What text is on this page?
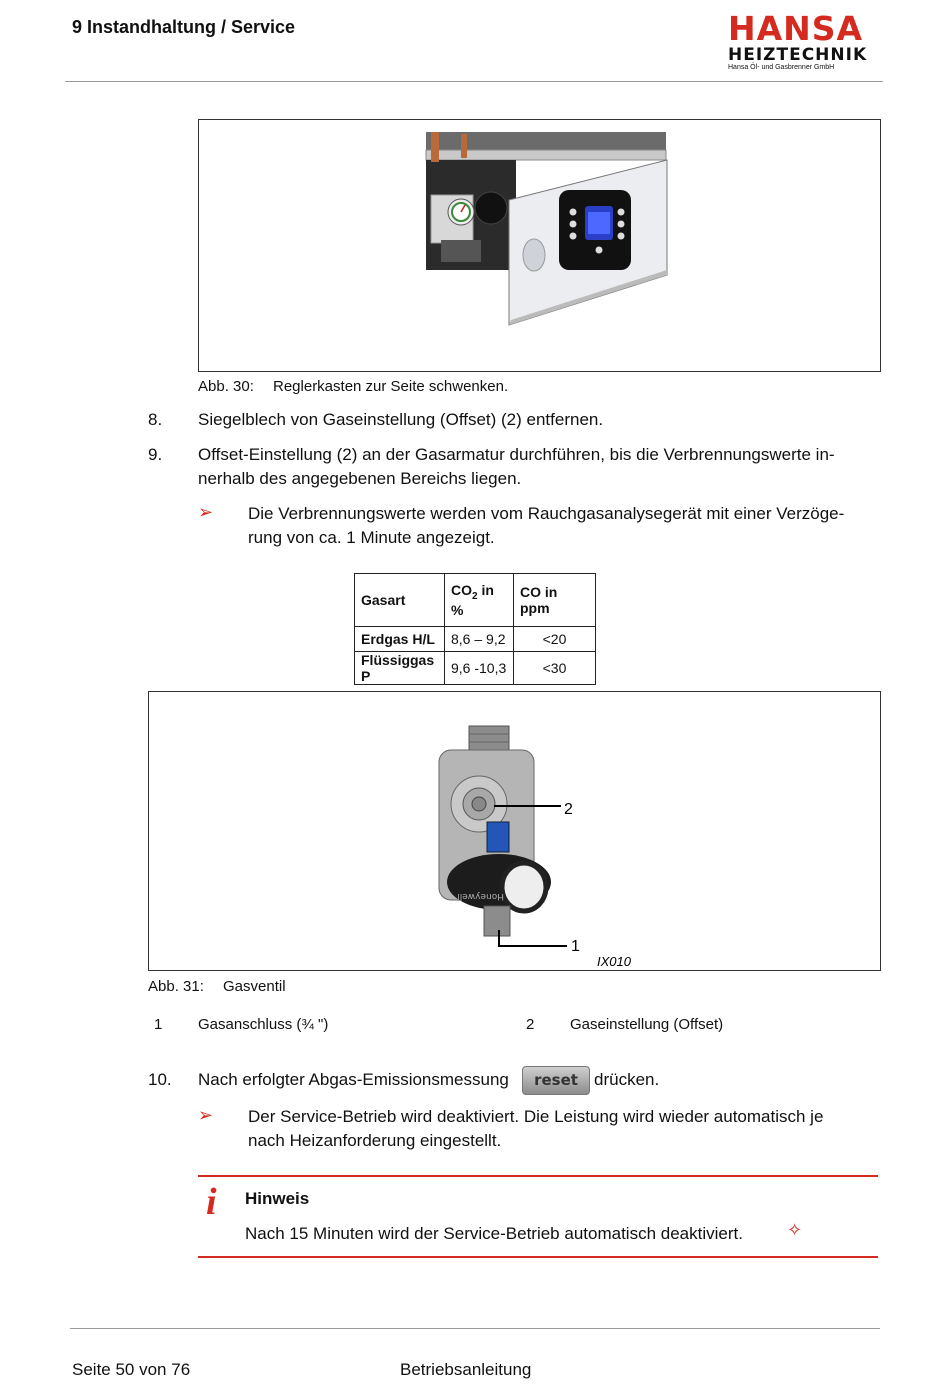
9 Instandhaltung / Service	HANSA
HEIZTECHNIK
Hansa Öl- und Gasbrenner GmbH
Abb. 30: Reglerkasten zur Seite schwenken.
8. Siegelblech von Gaseinstellung (Offset) (2) entfernen.
9. Offset-Einstellung (2) an der Gasarmatur durchführen, bis die Verbrennungswerte in-
nerhalb des angegebenen Bereichs liegen.
➢ Die Verbrennungswerte werden vom Rauchgasanalysegerät mit einer Verzöge-
rung von ca. 1 Minute angezeigt.
Gasart	$CO_2$ in %	CO in ppm
Erdgas H/L	8,6 – 9,2	<20
Flüssiggas P	9,6 -10,3	<30
Honeywell
2
1
IX010
Abb. 31: Gasventil
1 Gasanschluss (¾ ")	2 Gaseinstellung (Offset)
10. Nach erfolgter Abgas-Emissionsmessung	reset drücken.
➢ Der Service-Betrieb wird deaktiviert. Die Leistung wird wieder automatisch je
nach Heizanforderung eingestellt.
i Hinweis
Nach 15 Minuten wird der Service-Betrieb automatisch deaktiviert. ✧
Seite 50 von 76	Betriebsanleitung
